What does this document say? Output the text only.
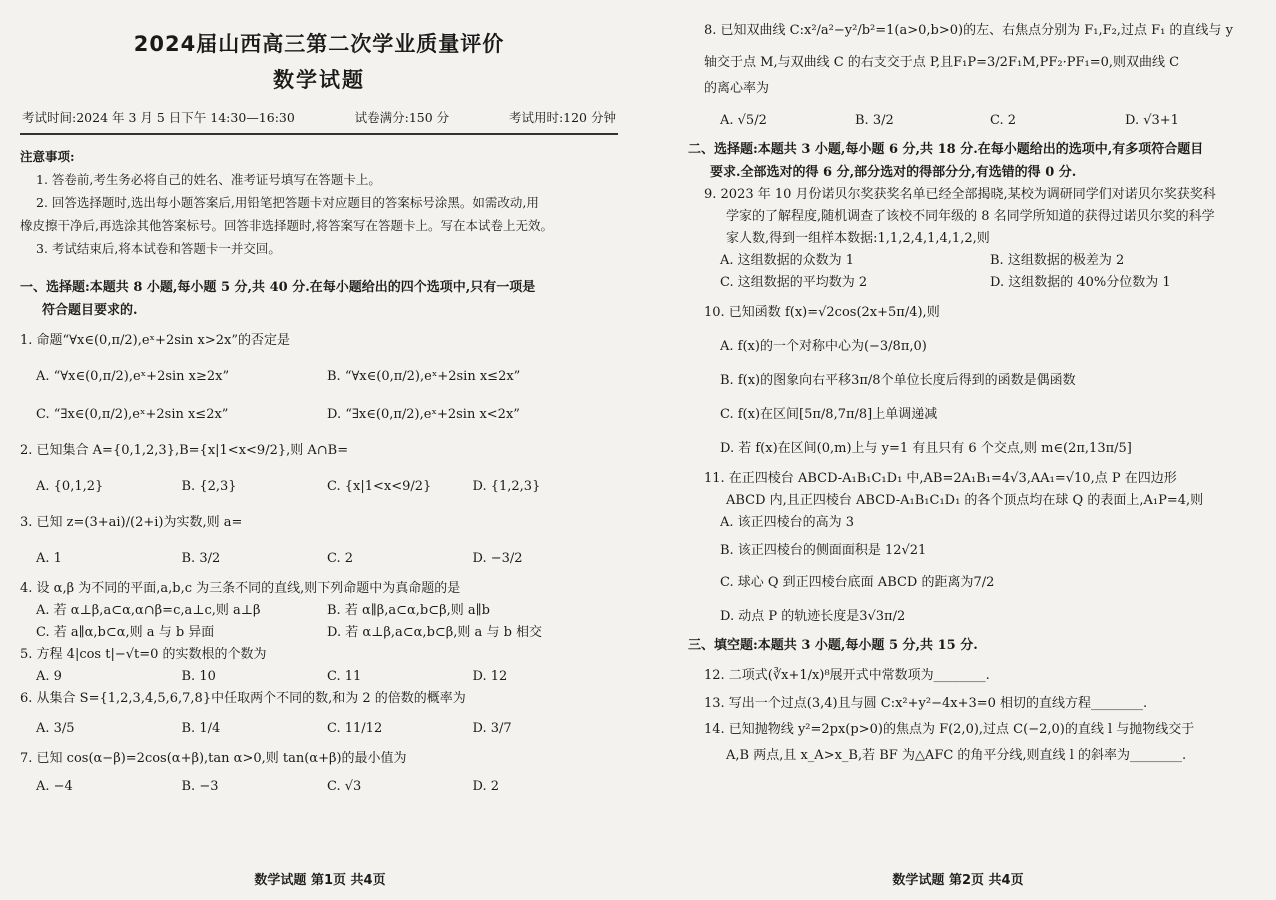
2024届山西高三第二次学业质量评价
数学试题
考试时间:2024 年 3 月 5 日下午 14:30—16:30	试卷满分:150 分	考试用时:120 分钟

注意事项:

1. 答卷前,考生务必将自己的姓名、准考证号填写在答题卡上。

2. 回答选择题时,选出每小题答案后,用铅笔把答题卡对应题目的答案标号涂黑。如需改动,用

橡皮擦干净后,再选涂其他答案标号。回答非选择题时,将答案写在答题卡上。写在本试卷上无效。

3. 考试结束后,将本试卷和答题卡一并交回。

一、选择题:本题共 8 小题,每小题 5 分,共 40 分.在每小题给出的四个选项中,只有一项是

符合题目要求的.

1. 命题“∀x∈(0,π/2),eˣ+2sin x>2x”的否定是

A. “∀x∈(0,π/2),eˣ+2sin x≥2x”	B. “∀x∈(0,π/2),eˣ+2sin x≤2x”
C. “∃x∈(0,π/2),eˣ+2sin x≤2x”	D. “∃x∈(0,π/2),eˣ+2sin x<2x”

2. 已知集合 A={0,1,2,3},B={x|1<x<9/2},则 A∩B=

A. {0,1,2}	B. {2,3}	C. {x|1<x<9/2}	D. {1,2,3}

3. 已知 z=(3+ai)/(2+i)为实数,则 a=

A. 1	B. 3/2	C. 2	D. −3/2

4. 设 α,β 为不同的平面,a,b,c 为三条不同的直线,则下列命题中为真命题的是

A. 若 α⊥β,a⊂α,α∩β=c,a⊥c,则 a⊥β	B. 若 α∥β,a⊂α,b⊂β,则 a∥b
C. 若 a∥α,b⊂α,则 a 与 b 异面	D. 若 α⊥β,a⊂α,b⊂β,则 a 与 b 相交

5. 方程 4|cos t|−√t=0 的实数根的个数为

A. 9	B. 10	C. 11	D. 12

6. 从集合 S={1,2,3,4,5,6,7,8}中任取两个不同的数,和为 2 的倍数的概率为

A. 3/5	B. 1/4	C. 11/12	D. 3/7

7. 已知 cos(α−β)=2cos(α+β),tan α>0,则 tan(α+β)的最小值为

A. −4	B. −3	C. √3	D. 2
数学试题 第1页 共4页

8. 已知双曲线 C:x²/a²−y²/b²=1(a>0,b>0)的左、右焦点分别为 F₁,F₂,过点 F₁ 的直线与 y

轴交于点 M,与双曲线 C 的右支交于点 P,且F₁P=3/2F₁M,PF₂·PF₁=0,则双曲线 C

的离心率为

A. √5/2	B. 3/2	C. 2	D. √3+1

二、选择题:本题共 3 小题,每小题 6 分,共 18 分.在每小题给出的选项中,有多项符合题目

要求.全部选对的得 6 分,部分选对的得部分分,有选错的得 0 分.

9. 2023 年 10 月份诺贝尔奖获奖名单已经全部揭晓,某校为调研同学们对诺贝尔奖获奖科

学家的了解程度,随机调查了该校不同年级的 8 名同学所知道的获得过诺贝尔奖的科学

家人数,得到一组样本数据:1,1,2,4,1,4,1,2,则

A. 这组数据的众数为 1	B. 这组数据的极差为 2
C. 这组数据的平均数为 2	D. 这组数据的 40%分位数为 1

10. 已知函数 f(x)=√2cos(2x+5π/4),则

A. f(x)的一个对称中心为(−3/8π,0)

B. f(x)的图象向右平移3π/8个单位长度后得到的函数是偶函数

C. f(x)在区间[5π/8,7π/8]上单调递减

D. 若 f(x)在区间(0,m)上与 y=1 有且只有 6 个交点,则 m∈(2π,13π/5]

11. 在正四棱台 ABCD-A₁B₁C₁D₁ 中,AB=2A₁B₁=4√3,AA₁=√10,点 P 在四边形

ABCD 内,且正四棱台 ABCD-A₁B₁C₁D₁ 的各个顶点均在球 Q 的表面上,A₁P=4,则

A. 该正四棱台的高为 3

B. 该正四棱台的侧面面积是 12√21

C. 球心 Q 到正四棱台底面 ABCD 的距离为7/2

D. 动点 P 的轨迹长度是3√3π/2

三、填空题:本题共 3 小题,每小题 5 分,共 15 分.

12. 二项式(∛x+1/x)⁸展开式中常数项为________.

13. 写出一个过点(3,4)且与圆 C:x²+y²−4x+3=0 相切的直线方程________.

14. 已知抛物线 y²=2px(p>0)的焦点为 F(2,0),过点 C(−2,0)的直线 l 与抛物线交于

A,B 两点,且 x_A>x_B,若 BF 为△AFC 的角平分线,则直线 l 的斜率为________.

数学试题 第2页 共4页
